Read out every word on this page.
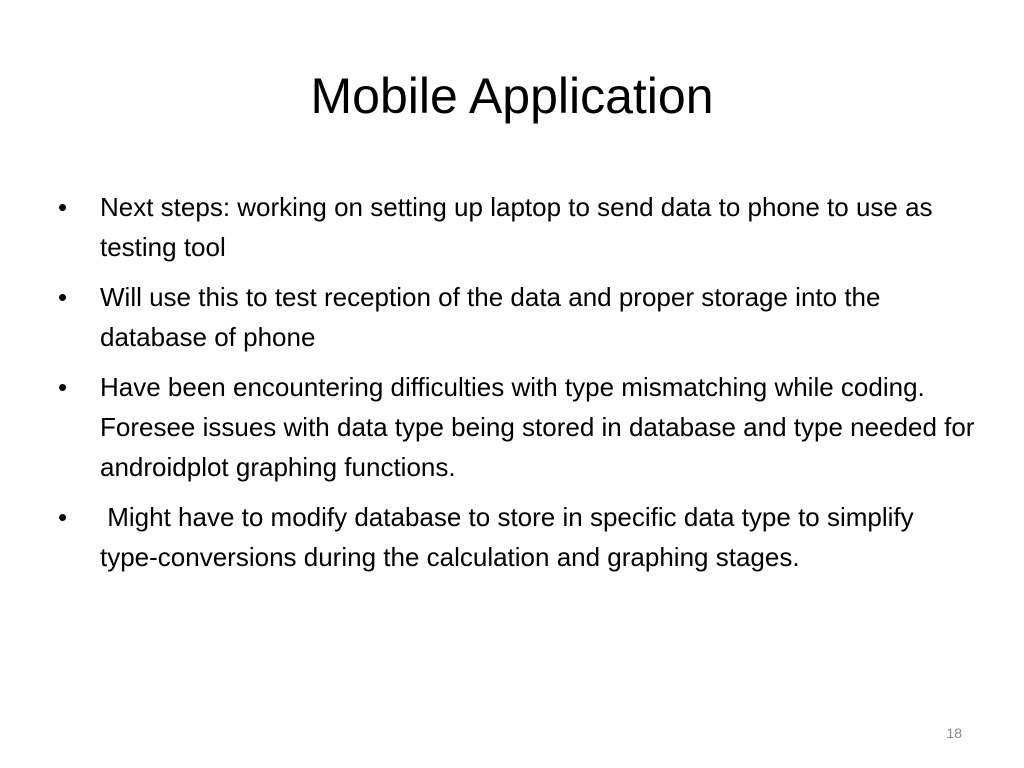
Mobile Application
•	Next steps: working on setting up laptop to send data to phone to use as testing tool
•	Will use this to test reception of the data and proper storage into the database of phone
•	Have been encountering difficulties with type mismatching while coding. Foresee issues with data type being stored in database and type needed for androidplot graphing functions.
•	Might have to modify database to store in specific data type to simplify type-conversions during the calculation and graphing stages.
18
